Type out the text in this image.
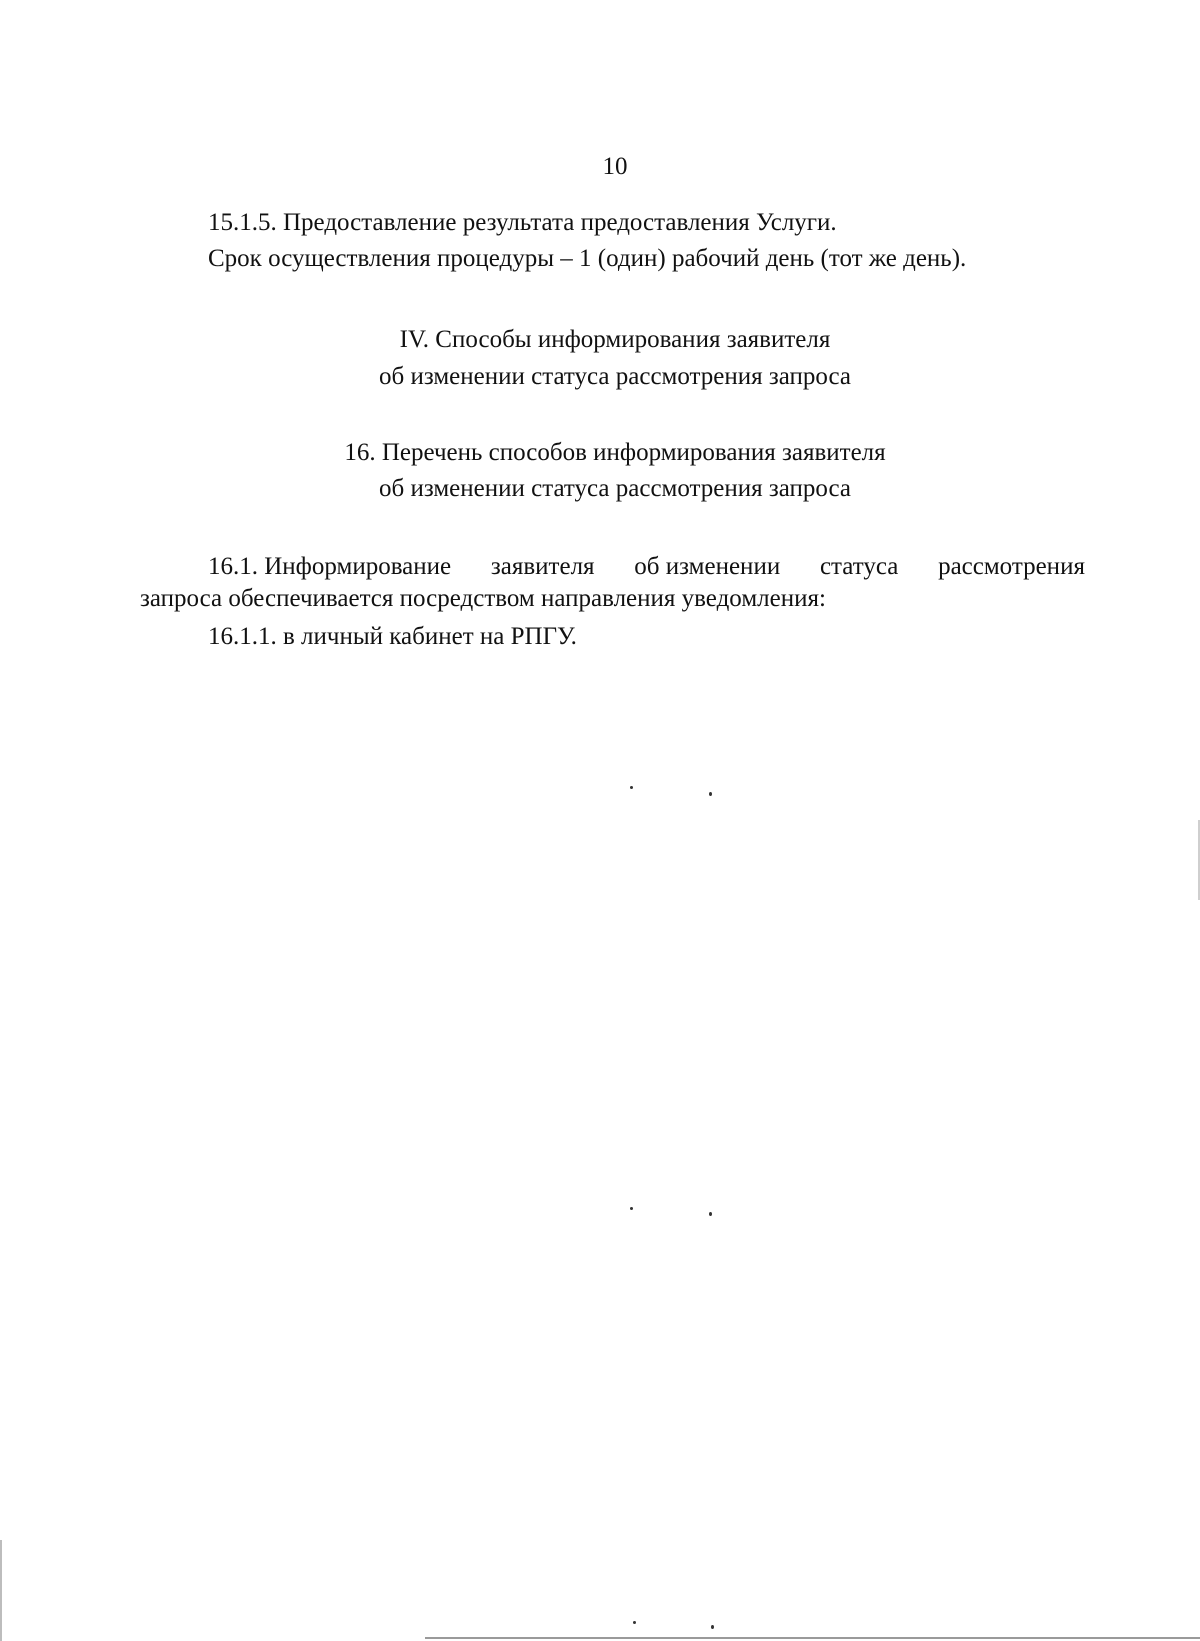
10
15.1.5. Предоставление результата предоставления Услуги.
Срок осуществления процедуры – 1 (один) рабочий день (тот же день).
IV. Способы информирования заявителя
об изменении статуса рассмотрения запроса
16. Перечень способов информирования заявителя
об изменении статуса рассмотрения запроса
16.1. Информирование заявителя об изменении статуса рассмотрения
запроса обеспечивается посредством направления уведомления:
16.1.1. в личный кабинет на РПГУ.
